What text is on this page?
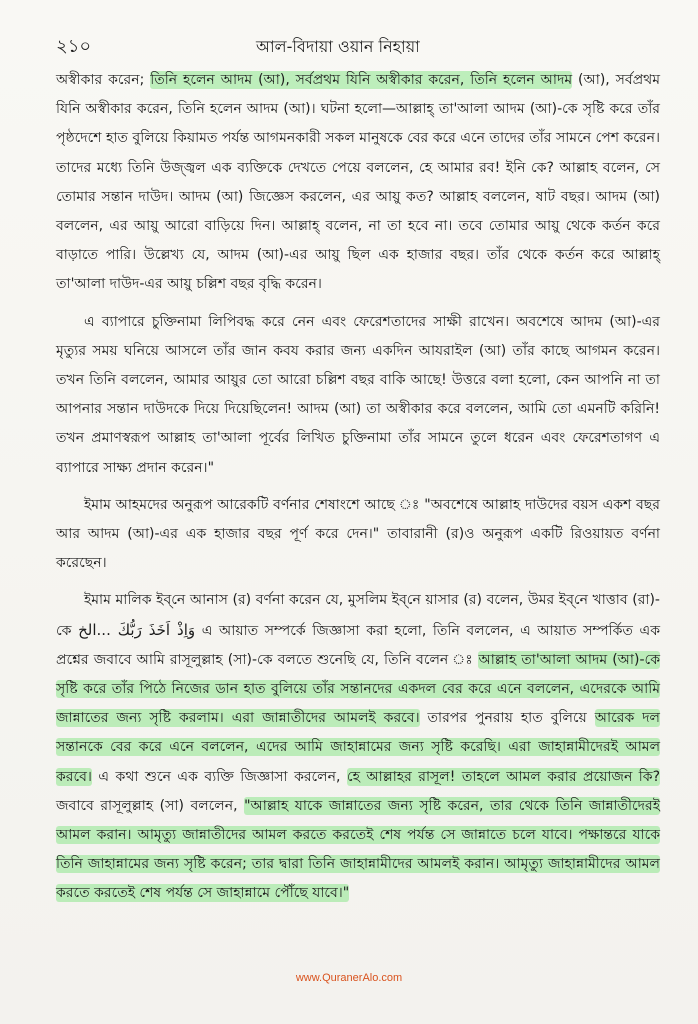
২১০	আল-বিদায়া ওয়ান নিহায়া

অস্বীকার করেন; তিনি হলেন আদম (আ), সর্বপ্রথম যিনি অস্বীকার করেন, তিনি হলেন আদম (আ), সর্বপ্রথম যিনি অস্বীকার করেন, তিনি হলেন আদম (আ)। ঘটনা হলো—আল্লাহ্ তা'আলা আদম (আ)-কে সৃষ্টি করে তাঁর পৃষ্ঠদেশে হাত বুলিয়ে কিয়ামত পর্যন্ত আগমনকারী সকল মানুষকে বের করে এনে তাদের তাঁর সামনে পেশ করেন। তাদের মধ্যে তিনি উজ্জ্বল এক ব্যক্তিকে দেখতে পেয়ে বললেন, হে আমার রব! ইনি কে? আল্লাহ বলেন, সে তোমার সন্তান দাউদ। আদম (আ) জিজ্ঞেস করলেন, এর আয়ু কত? আল্লাহ বললেন, ষাট বছর। আদম (আ) বললেন, এর আয়ু আরো বাড়িয়ে দিন। আল্লাহ্ বলেন, না তা হবে না। তবে তোমার আয়ু থেকে কর্তন করে বাড়াতে পারি। উল্লেখ্য যে, আদম (আ)-এর আয়ু ছিল এক হাজার বছর। তাঁর থেকে কর্তন করে আল্লাহ্ তা'আলা দাউদ-এর আয়ু চল্লিশ বছর বৃদ্ধি করেন।

এ ব্যাপারে চুক্তিনামা লিপিবদ্ধ করে নেন এবং ফেরেশতাদের সাক্ষী রাখেন। অবশেষে আদম (আ)-এর মৃত্যুর সময় ঘনিয়ে আসলে তাঁর জান কবয করার জন্য একদিন আযরাইল (আ) তাঁর কাছে আগমন করেন। তখন তিনি বললেন, আমার আয়ুর তো আরো চল্লিশ বছর বাকি আছে! উত্তরে বলা হলো, কেন আপনি না তা আপনার সন্তান দাউদকে দিয়ে দিয়েছিলেন! আদম (আ) তা অস্বীকার করে বললেন, আমি তো এমনটি করিনি! তখন প্রমাণস্বরূপ আল্লাহ তা'আলা পূর্বের লিখিত চুক্তিনামা তাঁর সামনে তুলে ধরেন এবং ফেরেশতাগণ এ ব্যাপারে সাক্ষ্য প্রদান করেন।"

ইমাম আহমদের অনুরূপ আরেকটি বর্ণনার শেষাংশে আছে ঃ "অবশেষে আল্লাহ দাউদের বয়স একশ বছর আর আদম (আ)-এর এক হাজার বছর পূর্ণ করে দেন।" তাবারানী (র)ও অনুরূপ একটি রিওয়ায়ত বর্ণনা করেছেন।

ইমাম মালিক ইব্‌নে আনাস (র) বর্ণনা করেন যে, মুসলিম ইব্‌নে য়াসার (র) বলেন, উমর ইব্‌নে খাত্তাব (রা)-কে وَاِذْ اَخَذَ رَبُّكَ ...الخ এ আয়াত সম্পর্কে জিজ্ঞাসা করা হলো, তিনি বললেন, এ আয়াত সম্পর্কিত এক প্রশ্নের জবাবে আমি রাসূলুল্লাহ (সা)-কে বলতে শুনেছি যে, তিনি বলেন ঃ আল্লাহ তা'আলা আদম (আ)-কে সৃষ্টি করে তাঁর পিঠে নিজের ডান হাত বুলিয়ে তাঁর সন্তানদের একদল বের করে এনে বললেন, এদেরকে আমি জান্নাতের জন্য সৃষ্টি করলাম। এরা জান্নাতীদের আমলই করবে। তারপর পুনরায় হাত বুলিয়ে আরেক দল সন্তানকে বের করে এনে বললেন, এদের আমি জাহান্নামের জন্য সৃষ্টি করেছি। এরা জাহান্নামীদেরই আমল করবে। এ কথা শুনে এক ব্যক্তি জিজ্ঞাসা করলেন, হে আল্লাহর রাসূল! তাহলে আমল করার প্রয়োজন কি? জবাবে রাসূলুল্লাহ (সা) বললেন, "আল্লাহ যাকে জান্নাতের জন্য সৃষ্টি করেন, তার থেকে তিনি জান্নাতীদেরই আমল করান। আমৃত্যু জান্নাতীদের আমল করতে করতেই শেষ পর্যন্ত সে জান্নাতে চলে যাবে। পক্ষান্তরে যাকে তিনি জাহান্নামের জন্য সৃষ্টি করেন; তার দ্বারা তিনি জাহান্নামীদের আমলই করান। আমৃত্যু জাহান্নামীদের আমল করতে করতেই শেষ পর্যন্ত সে জাহান্নামে পৌঁছে যাবে।"

www.QuranerAlo.com
